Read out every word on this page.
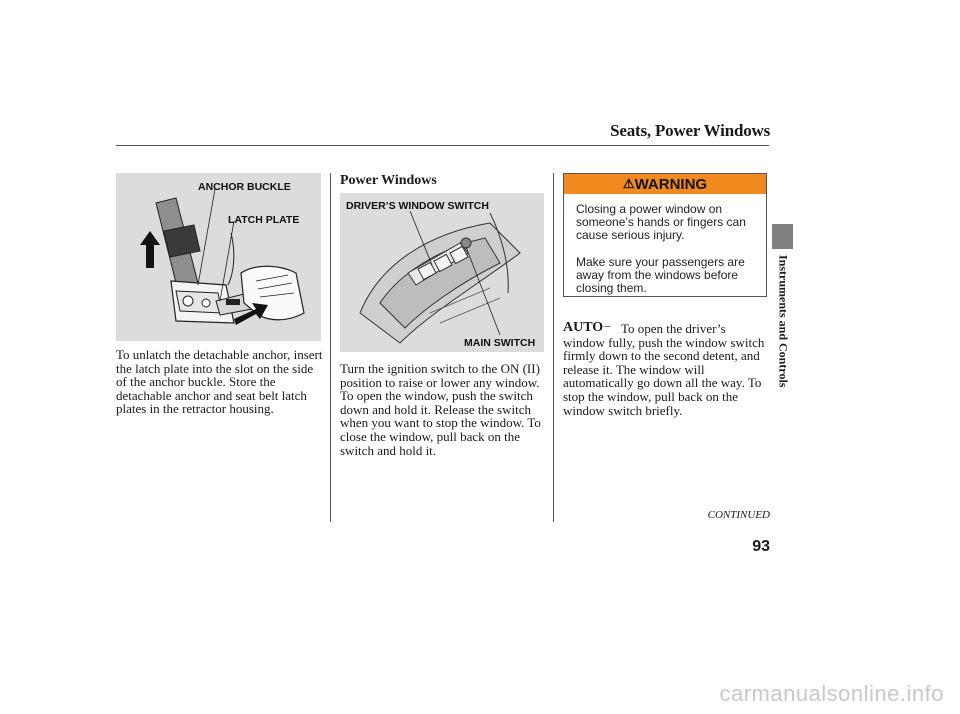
Seats, Power Windows
ANCHOR BUCKLE
LATCH PLATE
To unlatch the detachable anchor, insert the latch plate into the slot on the side of the anchor buckle. Store the detachable anchor and seat belt latch plates in the retractor housing.
Power Windows
DRIVER’S WINDOW SWITCH
MAIN SWITCH
Turn the ignition switch to the ON (II) position to raise or lower any window. To open the window, push the switch down and hold it. Release the switch when you want to stop the window. To close the window, pull back on the switch and hold it.
⚠WARNING
Closing a power window on someone’s hands or fingers can cause serious injury.
Make sure your passengers are away from the windows before closing them.
AUTO − To open the driver’s window fully, push the window switch firmly down to the second detent, and release it. The window will automatically go down all the way. To stop the window, pull back on the window switch briefly.
Instruments and Controls
CONTINUED
93
carmanualsonline.info
